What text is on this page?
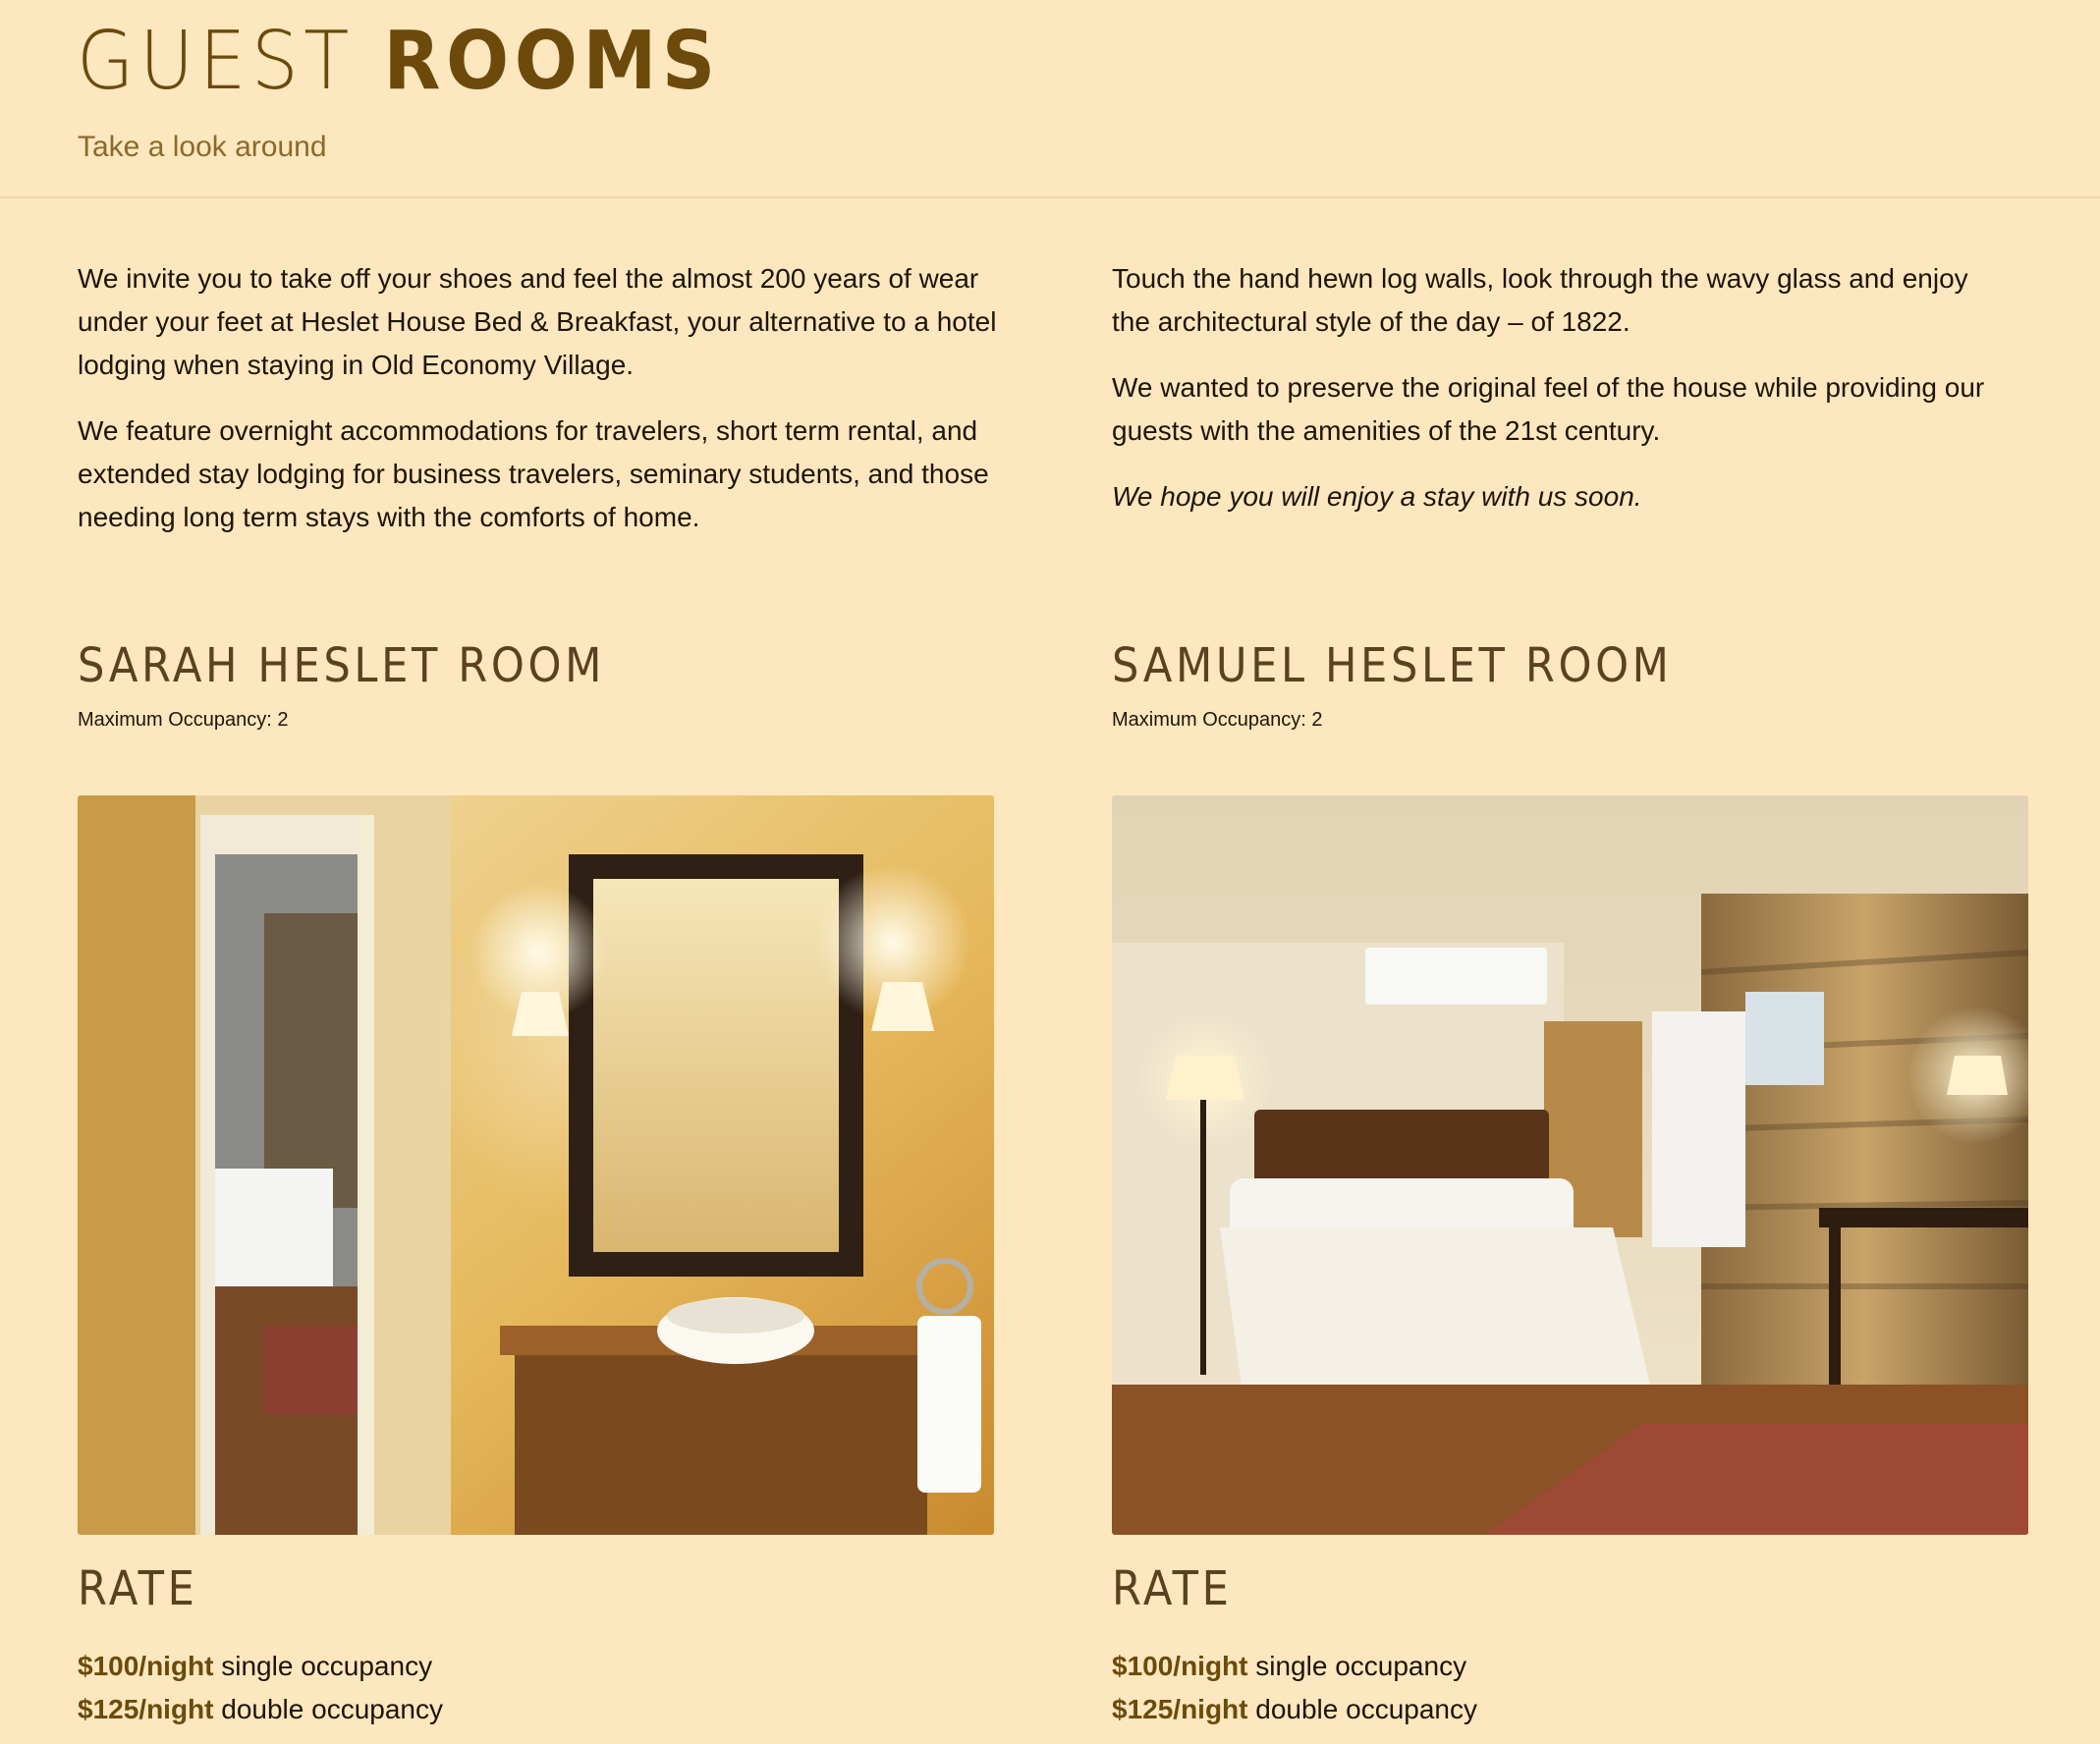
GUEST ROOMS
Take a look around

We invite you to take off your shoes and feel the almost 200 years of wear under your feet at Heslet House Bed & Breakfast, your alternative to a hotel lodging when staying in Old Economy Village.

We feature overnight accommodations for travelers, short term rental, and extended stay lodging for business travelers, seminary students, and those needing long term stays with the comforts of home.

Touch the hand hewn log walls, look through the wavy glass and enjoy the architectural style of the day – of 1822.

We wanted to preserve the original feel of the house while providing our guests with the amenities of the 21st century.

We hope you will enjoy a stay with us soon.

SARAH HESLET ROOM
Maximum Occupancy: 2
RATE
$100/night single occupancy
$125/night double occupancy
SAMUEL HESLET ROOM
Maximum Occupancy: 2
RATE
$100/night single occupancy
$125/night double occupancy
